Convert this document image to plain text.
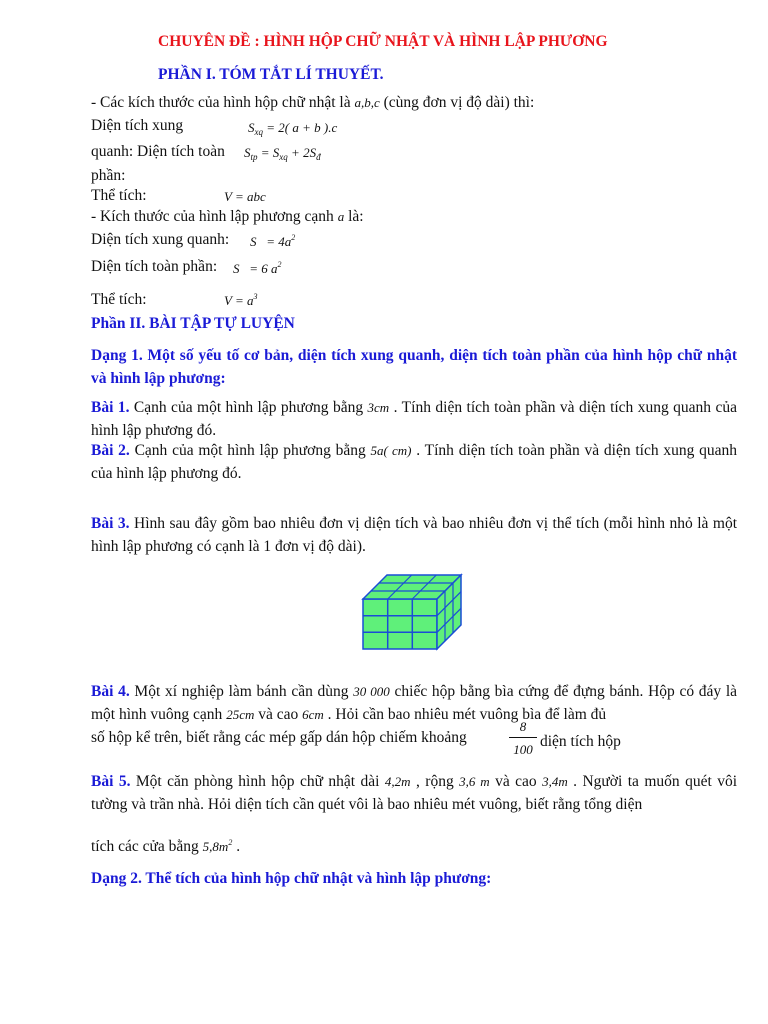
CHUYÊN ĐỀ : HÌNH HỘP CHỮ NHẬT VÀ HÌNH LẬP PHƯƠNG
PHẦN I. TÓM TẮT LÍ THUYẾT.
- Các kích thước của hình hộp chữ nhật là a,b,c (cùng đơn vị độ dài) thì:
Diện tích xung	$S_{xq} = 2$( a + b ).c
quanh: Diện tích toàn $S_{tp} = S_{xq} + 2S_đ$
phần:
Thể tích:	V = abc
- Kích thước của hình lập phương cạnh a là:
Diện tích xung quanh: $S = 4a^2$
Diện tích toàn phần: S   = 6 $a^2$
Thể tích:	$V = a^3$
Phần II. BÀI TẬP TỰ LUYỆN
Dạng 1. Một số yếu tố cơ bản, diện tích xung quanh, diện tích toàn phần của hình hộp chữ nhật và hình lập phương:
Bài 1. Cạnh của một hình lập phương bằng 3cm . Tính diện tích toàn phần và diện tích xung quanh của hình lập phương đó.
Bài 2. Cạnh của một hình lập phương bằng 5a( cm) . Tính diện tích toàn phần và diện tích xung quanh của hình lập phương đó.
Bài 3. Hình sau đây gồm bao nhiêu đơn vị diện tích và bao nhiêu đơn vị thể tích (mỗi hình nhỏ là một hình lập phương có cạnh là 1 đơn vị độ dài).
Bài 4. Một xí nghiệp làm bánh cần dùng 30 000 chiếc hộp bằng bìa cứng để đựng bánh. Hộp có đáy là một hình vuông cạnh 25cm và cao 6cm . Hỏi cần bao nhiêu mét vuông bìa để làm đủ
số hộp kể trên, biết rằng các mép gấp dán hộp chiếm khoảng
8
100 diện tích hộp
Bài 5. Một căn phòng hình hộp chữ nhật dài 4,2m , rộng 3,6 m và cao 3,4m . Người ta muốn quét vôi tường và trần nhà. Hỏi diện tích cần quét vôi là bao nhiêu mét vuông, biết rằng tổng diện
tích các cửa bằng $5,8m^2$ .
Dạng 2. Thể tích của hình hộp chữ nhật và hình lập phương:
